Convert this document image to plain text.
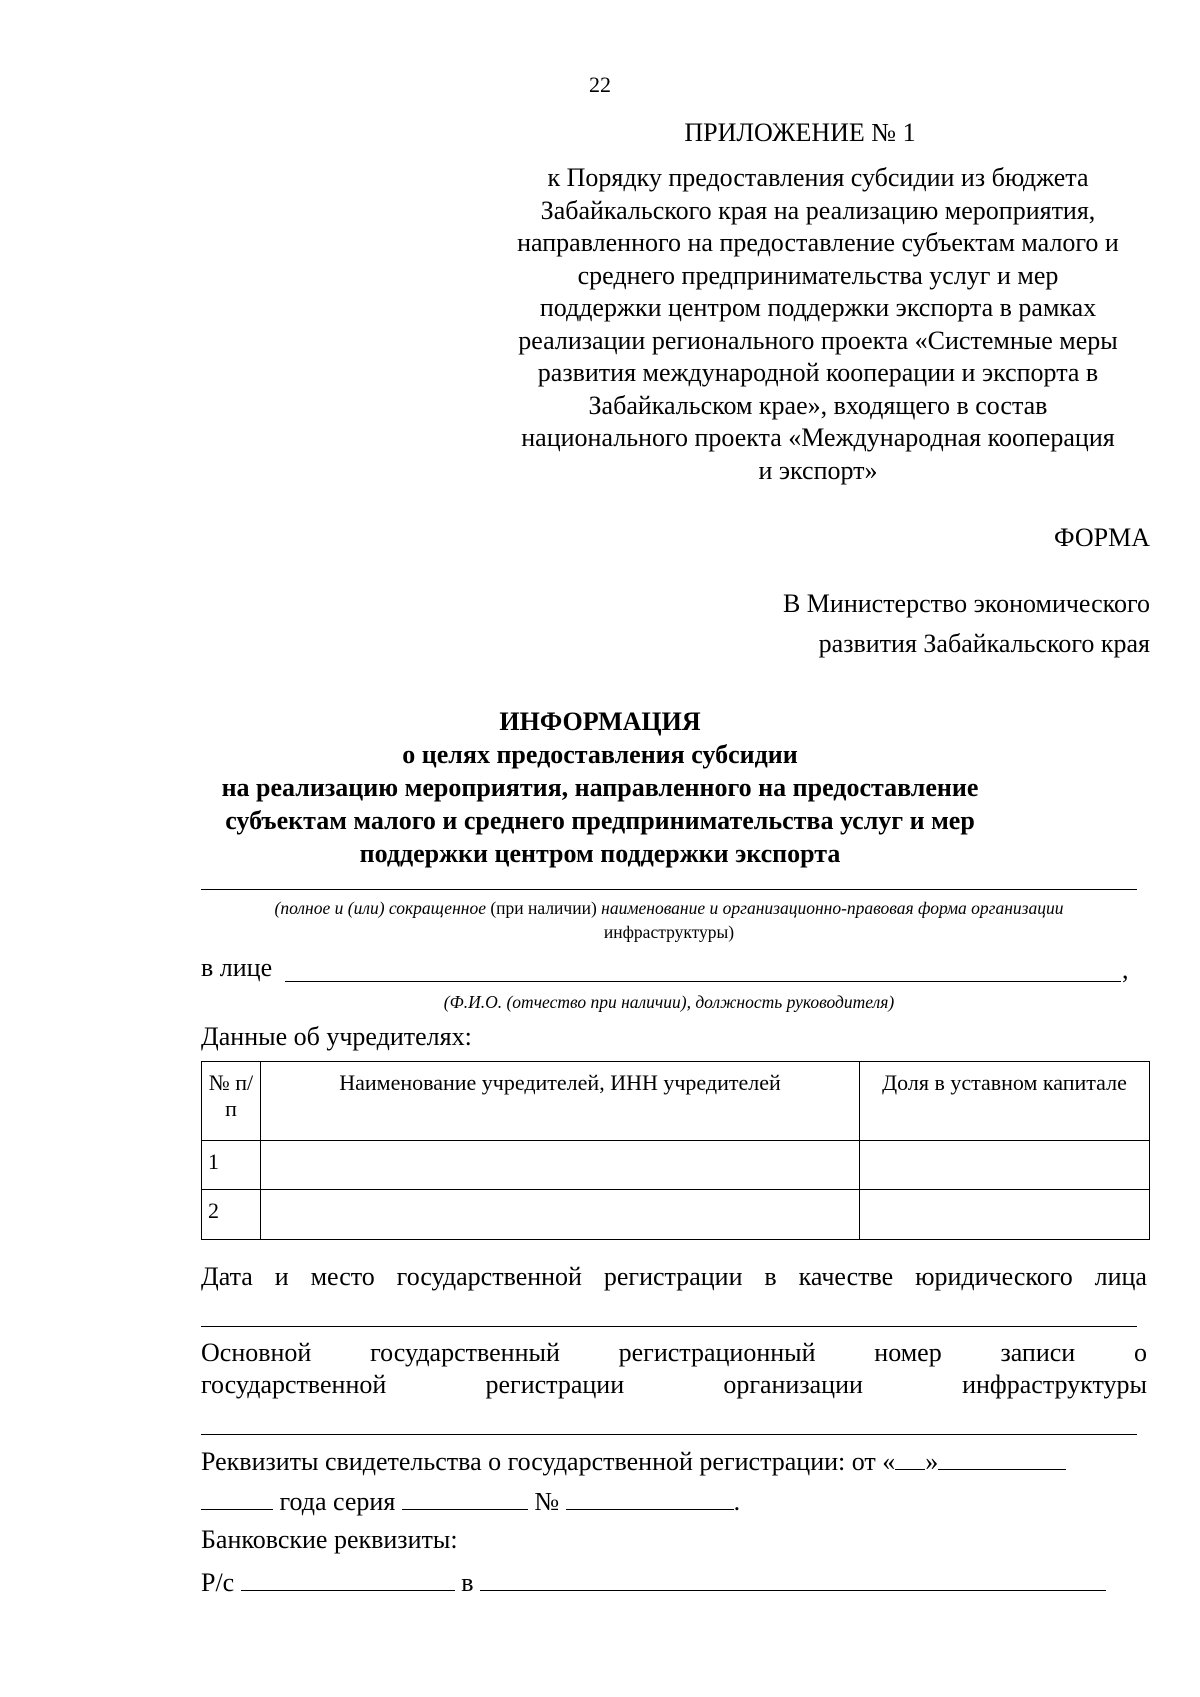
22
ПРИЛОЖЕНИЕ № 1
к Порядку предоставления субсидии из бюджета
Забайкальского края на реализацию мероприятия,
направленного на предоставление субъектам малого и
среднего предпринимательства услуг и мер
поддержки центром поддержки экспорта в рамках
реализации регионального проекта «Системные меры
развития международной кооперации и экспорта в
Забайкальском крае», входящего в состав
национального проекта «Международная кооперация
и экспорт»
ФОРМА
В Министерство экономического
развития Забайкальского края
ИНФОРМАЦИЯ
о целях предоставления субсидии
на реализацию мероприятия, направленного на предоставление
субъектам малого и среднего предпринимательства услуг и мер
поддержки центром поддержки экспорта
(полное и (или) сокращенное (при наличии) наименование и организационно-правовая форма организации
инфраструктуры)
в лице	,
(Ф.И.О. (отчество при наличии), должность руководителя)
Данные об учредителях:
№ п/п	Наименование учредителей, ИНН учредителей	Доля в уставном капитале
1		
2		
Дата и место государственной регистрации в качестве юридического лица
Основной государственный регистрационный номер записи о
государственной	регистрации	организации	инфраструктуры
Реквизиты свидетельства о государственной регистрации: от « »
года серия	№	.
Банковские реквизиты:
Р/с	в
